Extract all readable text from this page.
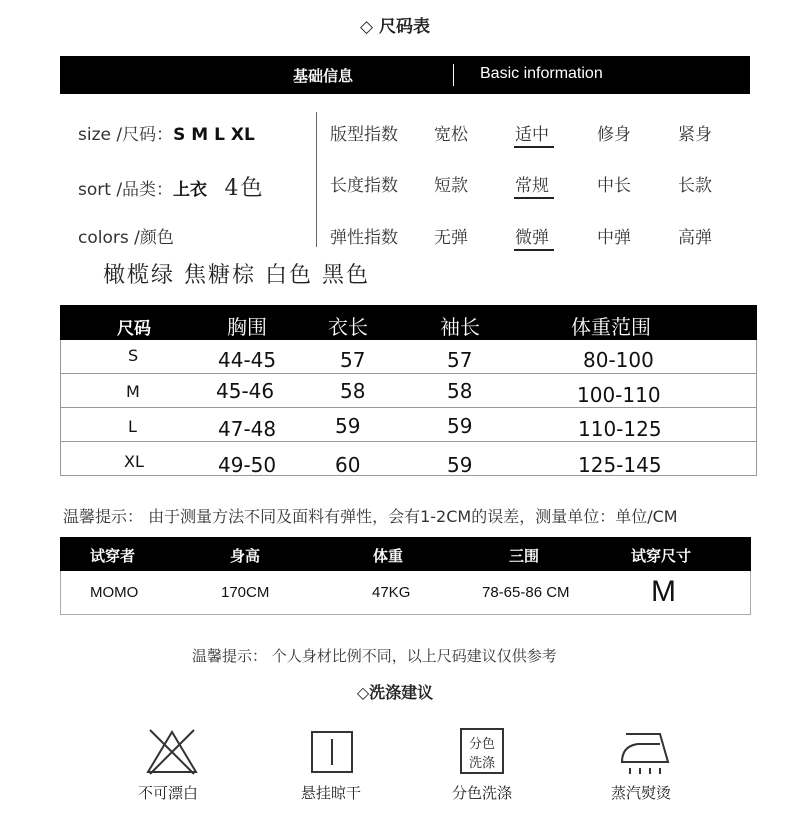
◇ 尺码表
基础信息	Basic information
size /尺码：S M L XL
sort /品类：上衣 4色
colors /颜色
橄榄绿 焦糖棕 白色 黑色
版型指数 宽松	适中	修身	紧身
长度指数 短款	常规	中长	长款
弹性指数 无弹	微弹	中弹	高弹
尺码	胸围	衣长	袖长	体重范围
S	44-45	57	57	80-100
M	45-46	58	58	100-110
L	47-48	59	59	110-125
XL	49-50	60	59	125-145
温馨提示： 由于测量方法不同及面料有弹性，会有1-2CM的误差，测量单位：单位/CM
试穿者	身高	体重	三围	试穿尺寸
MOMO	170CM	47KG	78-65-86 CM	M
温馨提示： 个人身材比例不同，以上尺码建议仅供参考
◇洗涤建议
不可漂白	悬挂晾干
分色
洗涤
分色洗涤	蒸汽熨烫
